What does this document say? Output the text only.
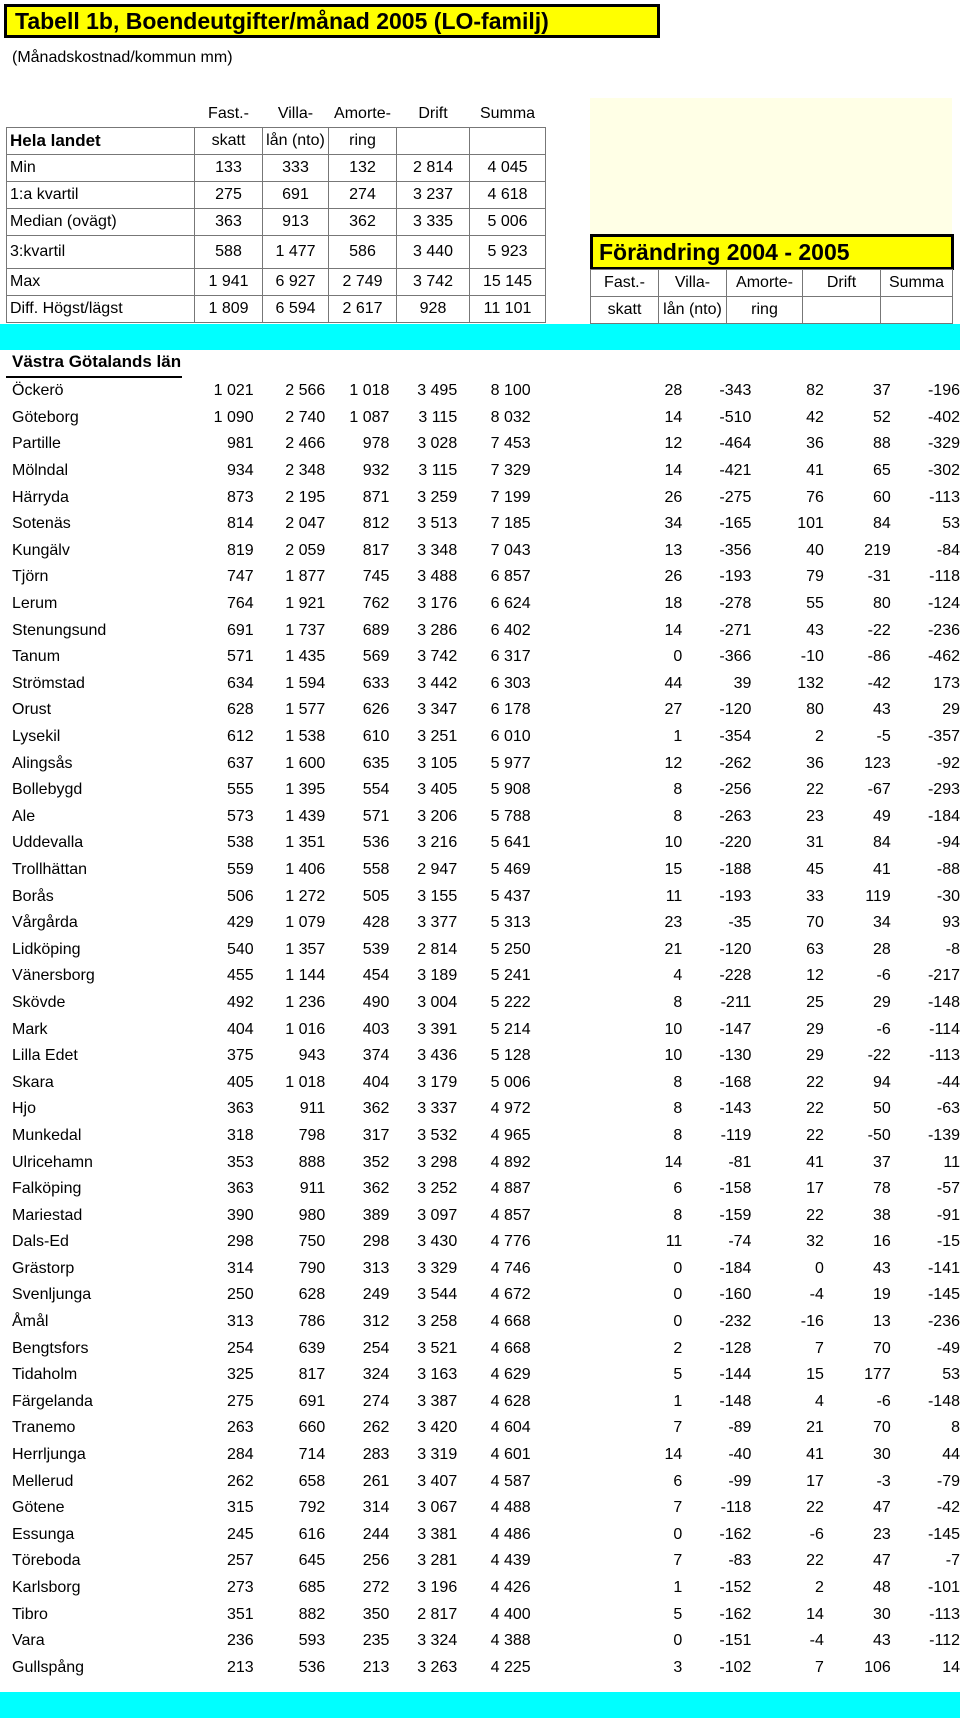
Tabell 1b, Boendeutgifter/månad 2005 (LO-familj)
(Månadskostnad/kommun mm)
	Fast.-	Villa-	Amorte-	Drift	Summa
Hela landet	skatt	lån (nto)	ring		
Min	133	333	132	2 814	4 045
1:a kvartil	275	691	274	3 237	4 618
Median (ovägt)	363	913	362	3 335	5 006
3:kvartil	588	1 477	586	3 440	5 923
Max	1 941	6 927	2 749	3 742	15 145
Diff. Högst/lägst	1 809	6 594	2 617	928	11 101
Förändring 2004 - 2005
Fast.-	Villa-	Amorte-	Drift	Summa
skatt	lån (nto)	ring		
Västra Götalands län
Öckerö	1 021	2 566	1 018	3 495	8 100	28	-343	82	37	-196
Göteborg	1 090	2 740	1 087	3 115	8 032	14	-510	42	52	-402
Partille	981	2 466	978	3 028	7 453	12	-464	36	88	-329
Mölndal	934	2 348	932	3 115	7 329	14	-421	41	65	-302
Härryda	873	2 195	871	3 259	7 199	26	-275	76	60	-113
Sotenäs	814	2 047	812	3 513	7 185	34	-165	101	84	53
Kungälv	819	2 059	817	3 348	7 043	13	-356	40	219	-84
Tjörn	747	1 877	745	3 488	6 857	26	-193	79	-31	-118
Lerum	764	1 921	762	3 176	6 624	18	-278	55	80	-124
Stenungsund	691	1 737	689	3 286	6 402	14	-271	43	-22	-236
Tanum	571	1 435	569	3 742	6 317	0	-366	-10	-86	-462
Strömstad	634	1 594	633	3 442	6 303	44	39	132	-42	173
Orust	628	1 577	626	3 347	6 178	27	-120	80	43	29
Lysekil	612	1 538	610	3 251	6 010	1	-354	2	-5	-357
Alingsås	637	1 600	635	3 105	5 977	12	-262	36	123	-92
Bollebygd	555	1 395	554	3 405	5 908	8	-256	22	-67	-293
Ale	573	1 439	571	3 206	5 788	8	-263	23	49	-184
Uddevalla	538	1 351	536	3 216	5 641	10	-220	31	84	-94
Trollhättan	559	1 406	558	2 947	5 469	15	-188	45	41	-88
Borås	506	1 272	505	3 155	5 437	11	-193	33	119	-30
Vårgårda	429	1 079	428	3 377	5 313	23	-35	70	34	93
Lidköping	540	1 357	539	2 814	5 250	21	-120	63	28	-8
Vänersborg	455	1 144	454	3 189	5 241	4	-228	12	-6	-217
Skövde	492	1 236	490	3 004	5 222	8	-211	25	29	-148
Mark	404	1 016	403	3 391	5 214	10	-147	29	-6	-114
Lilla Edet	375	943	374	3 436	5 128	10	-130	29	-22	-113
Skara	405	1 018	404	3 179	5 006	8	-168	22	94	-44
Hjo	363	911	362	3 337	4 972	8	-143	22	50	-63
Munkedal	318	798	317	3 532	4 965	8	-119	22	-50	-139
Ulricehamn	353	888	352	3 298	4 892	14	-81	41	37	11
Falköping	363	911	362	3 252	4 887	6	-158	17	78	-57
Mariestad	390	980	389	3 097	4 857	8	-159	22	38	-91
Dals-Ed	298	750	298	3 430	4 776	11	-74	32	16	-15
Grästorp	314	790	313	3 329	4 746	0	-184	0	43	-141
Svenljunga	250	628	249	3 544	4 672	0	-160	-4	19	-145
Åmål	313	786	312	3 258	4 668	0	-232	-16	13	-236
Bengtsfors	254	639	254	3 521	4 668	2	-128	7	70	-49
Tidaholm	325	817	324	3 163	4 629	5	-144	15	177	53
Färgelanda	275	691	274	3 387	4 628	1	-148	4	-6	-148
Tranemo	263	660	262	3 420	4 604	7	-89	21	70	8
Herrljunga	284	714	283	3 319	4 601	14	-40	41	30	44
Mellerud	262	658	261	3 407	4 587	6	-99	17	-3	-79
Götene	315	792	314	3 067	4 488	7	-118	22	47	-42
Essunga	245	616	244	3 381	4 486	0	-162	-6	23	-145
Töreboda	257	645	256	3 281	4 439	7	-83	22	47	-7
Karlsborg	273	685	272	3 196	4 426	1	-152	2	48	-101
Tibro	351	882	350	2 817	4 400	5	-162	14	30	-113
Vara	236	593	235	3 324	4 388	0	-151	-4	43	-112
Gullspång	213	536	213	3 263	4 225	3	-102	7	106	14
